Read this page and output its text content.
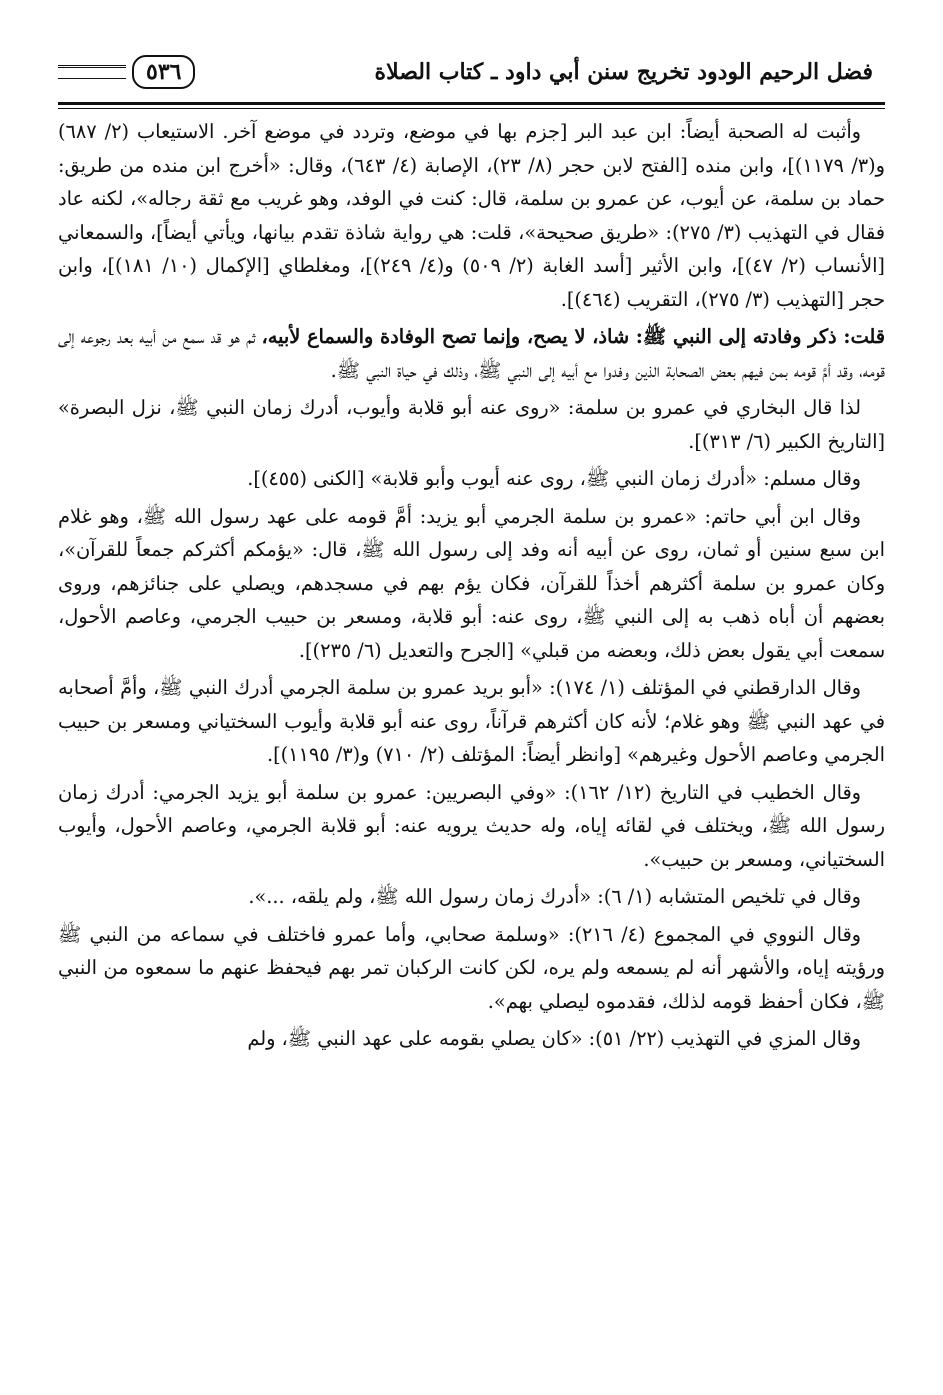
فضل الرحيم الودود تخريج سنن أبي داود ـ كتاب الصلاة
٥٣٦

وأثبت له الصحبة أيضاً: ابن عبد البر [جزم بها في موضع، وتردد في موضع آخر. الاستيعاب (٢/ ٦٨٧) و(٣/ ١١٧٩)]، وابن منده [الفتح لابن حجر (٨/ ٢٣)، الإصابة (٤/ ٦٤٣)، وقال: «أخرج ابن منده من طريق: حماد بن سلمة، عن أيوب، عن عمرو بن سلمة، قال: كنت في الوفد، وهو غريب مع ثقة رجاله»، لكنه عاد فقال في التهذيب (٣/ ٢٧٥): «طريق صحيحة»، قلت: هي رواية شاذة تقدم بيانها، ويأتي أيضاً]، والسمعاني [الأنساب (٢/ ٤٧)]، وابن الأثير [أسد الغابة (٢/ ٥٠٩) و(٤/ ٢٤٩)]، ومغلطاي [الإكمال (١٠/ ١٨١)]، وابن حجر [التهذيب (٣/ ٢٧٥)، التقريب (٤٦٤)].

قلت: ذكر وفادته إلى النبي ﷺ: شاذ، لا يصح، وإنما تصح الوفادة والسماع لأبيه، ثم هو قد سمع من أبيه بعد رجوعه إلى قومه، وقد أمَّ قومه بمن فيهم بعض الصحابة الذين وفدوا مع أبيه إلى النبي ﷺ، وذلك في حياة النبي ﷺ.

لذا قال البخاري في عمرو بن سلمة: «روى عنه أبو قلابة وأيوب، أدرك زمان النبي ﷺ، نزل البصرة» [التاريخ الكبير (٦/ ٣١٣)].

وقال مسلم: «أدرك زمان النبي ﷺ، روى عنه أيوب وأبو قلابة» [الكنى (٤٥٥)].

وقال ابن أبي حاتم: «عمرو بن سلمة الجرمي أبو يزيد: أمَّ قومه على عهد رسول الله ﷺ، وهو غلام ابن سبع سنين أو ثمان، روى عن أبيه أنه وفد إلى رسول الله ﷺ، قال: «يؤمكم أكثركم جمعاً للقرآن»، وكان عمرو بن سلمة أكثرهم أخذاً للقرآن، فكان يؤم بهم في مسجدهم، ويصلي على جنائزهم، وروى بعضهم أن أباه ذهب به إلى النبي ﷺ، روى عنه: أبو قلابة، ومسعر بن حبيب الجرمي، وعاصم الأحول، سمعت أبي يقول بعض ذلك، وبعضه من قبلي» [الجرح والتعديل (٦/ ٢٣٥)].

وقال الدارقطني في المؤتلف (١/ ١٧٤): «أبو بريد عمرو بن سلمة الجرمي أدرك النبي ﷺ، وأمَّ أصحابه في عهد النبي ﷺ وهو غلام؛ لأنه كان أكثرهم قرآناً، روى عنه أبو قلابة وأيوب السختياني ومسعر بن حبيب الجرمي وعاصم الأحول وغيرهم» [وانظر أيضاً: المؤتلف (٢/ ٧١٠) و(٣/ ١١٩٥)].

وقال الخطيب في التاريخ (١٢/ ١٦٢): «وفي البصريين: عمرو بن سلمة أبو يزيد الجرمي: أدرك زمان رسول الله ﷺ، ويختلف في لقائه إياه، وله حديث يرويه عنه: أبو قلابة الجرمي، وعاصم الأحول، وأيوب السختياني، ومسعر بن حبيب».

وقال في تلخيص المتشابه (١/ ٦): «أدرك زمان رسول الله ﷺ، ولم يلقه، ...».

وقال النووي في المجموع (٤/ ٢١٦): «وسلمة صحابي، وأما عمرو فاختلف في سماعه من النبي ﷺ ورؤيته إياه، والأشهر أنه لم يسمعه ولم يره، لكن كانت الركبان تمر بهم فيحفظ عنهم ما سمعوه من النبي ﷺ، فكان أحفظ قومه لذلك، فقدموه ليصلي بهم».

وقال المزي في التهذيب (٢٢/ ٥١): «كان يصلي بقومه على عهد النبي ﷺ، ولم
